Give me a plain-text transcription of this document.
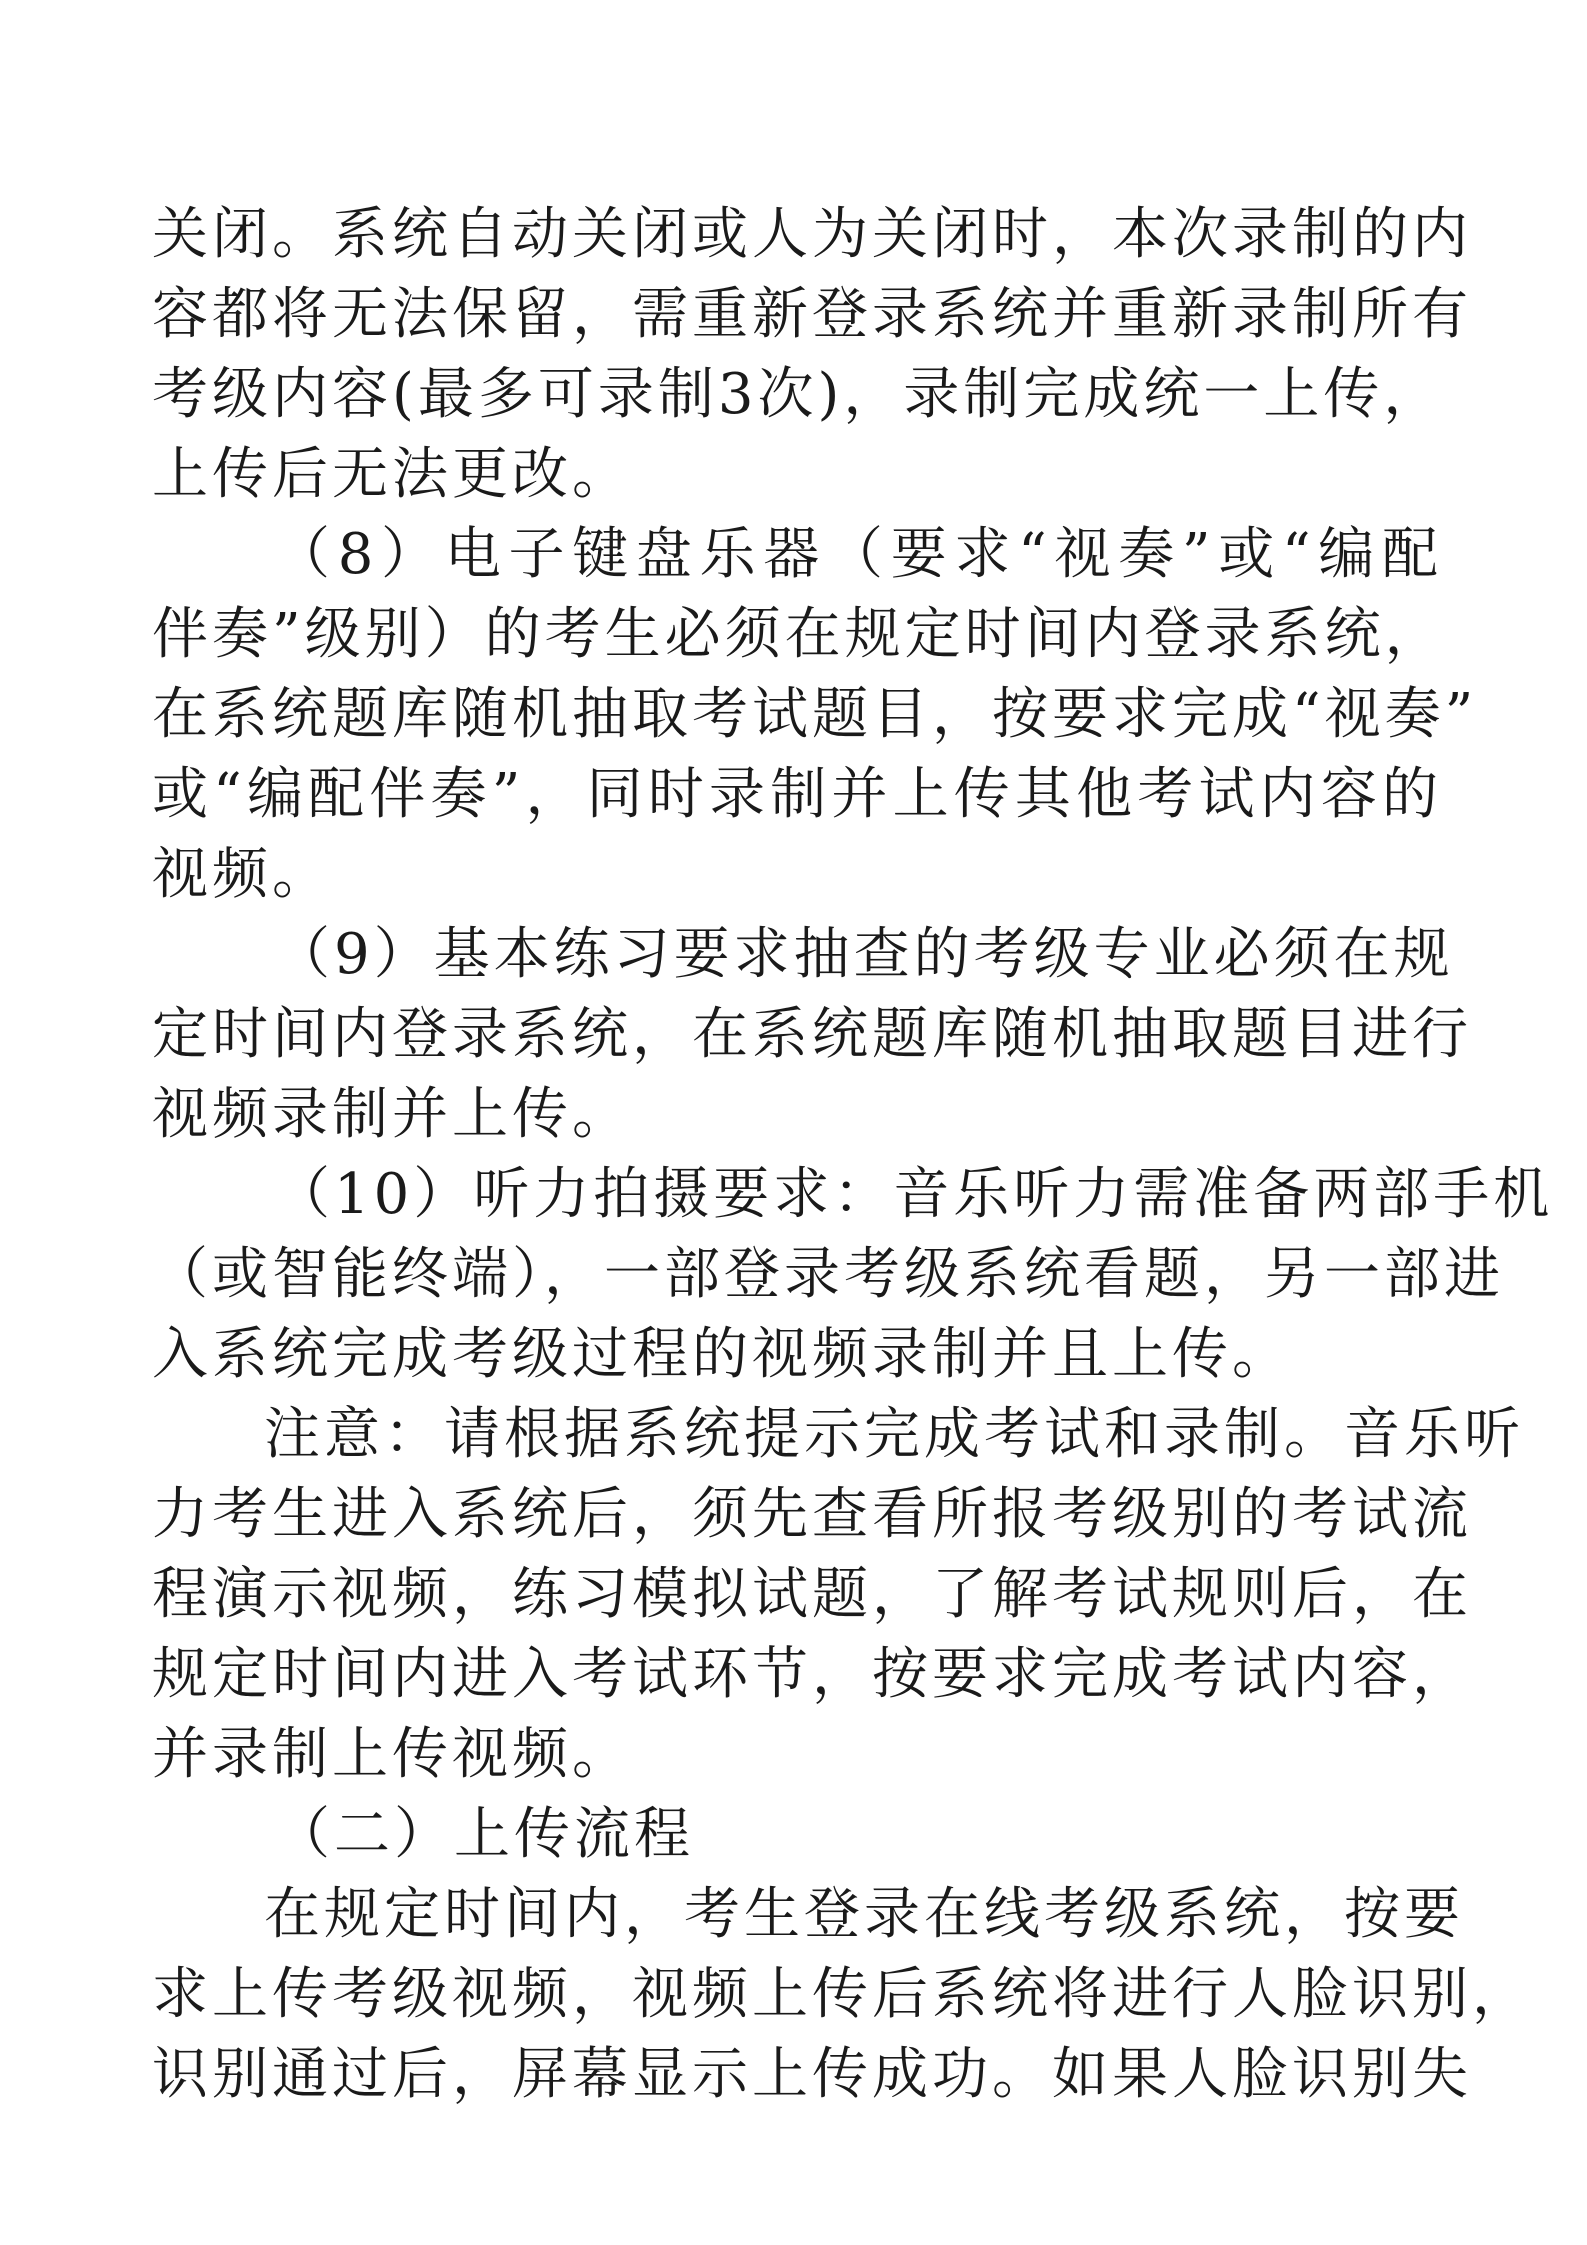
关闭。系统自动关闭或人为关闭时，本次录制的内
容都将无法保留，需重新登录系统并重新录制所有
考级内容(最多可录制3次)，录制完成统一上传，
上传后无法更改。
（8）电子键盘乐器（要求“视奏”或“编配
伴奏”级别）的考生必须在规定时间内登录系统，
在系统题库随机抽取考试题目，按要求完成“视奏”
或“编配伴奏”，同时录制并上传其他考试内容的
视频。
（9）基本练习要求抽查的考级专业必须在规
定时间内登录系统，在系统题库随机抽取题目进行
视频录制并上传。
（10）听力拍摄要求：音乐听力需准备两部手机
（或智能终端），一部登录考级系统看题，另一部进
入系统完成考级过程的视频录制并且上传。
注意：请根据系统提示完成考试和录制。音乐听
力考生进入系统后，须先查看所报考级别的考试流
程演示视频，练习模拟试题，了解考试规则后，在
规定时间内进入考试环节，按要求完成考试内容，
并录制上传视频。
（二）上传流程
在规定时间内，考生登录在线考级系统，按要
求上传考级视频，视频上传后系统将进行人脸识别，
识别通过后，屏幕显示上传成功。如果人脸识别失
